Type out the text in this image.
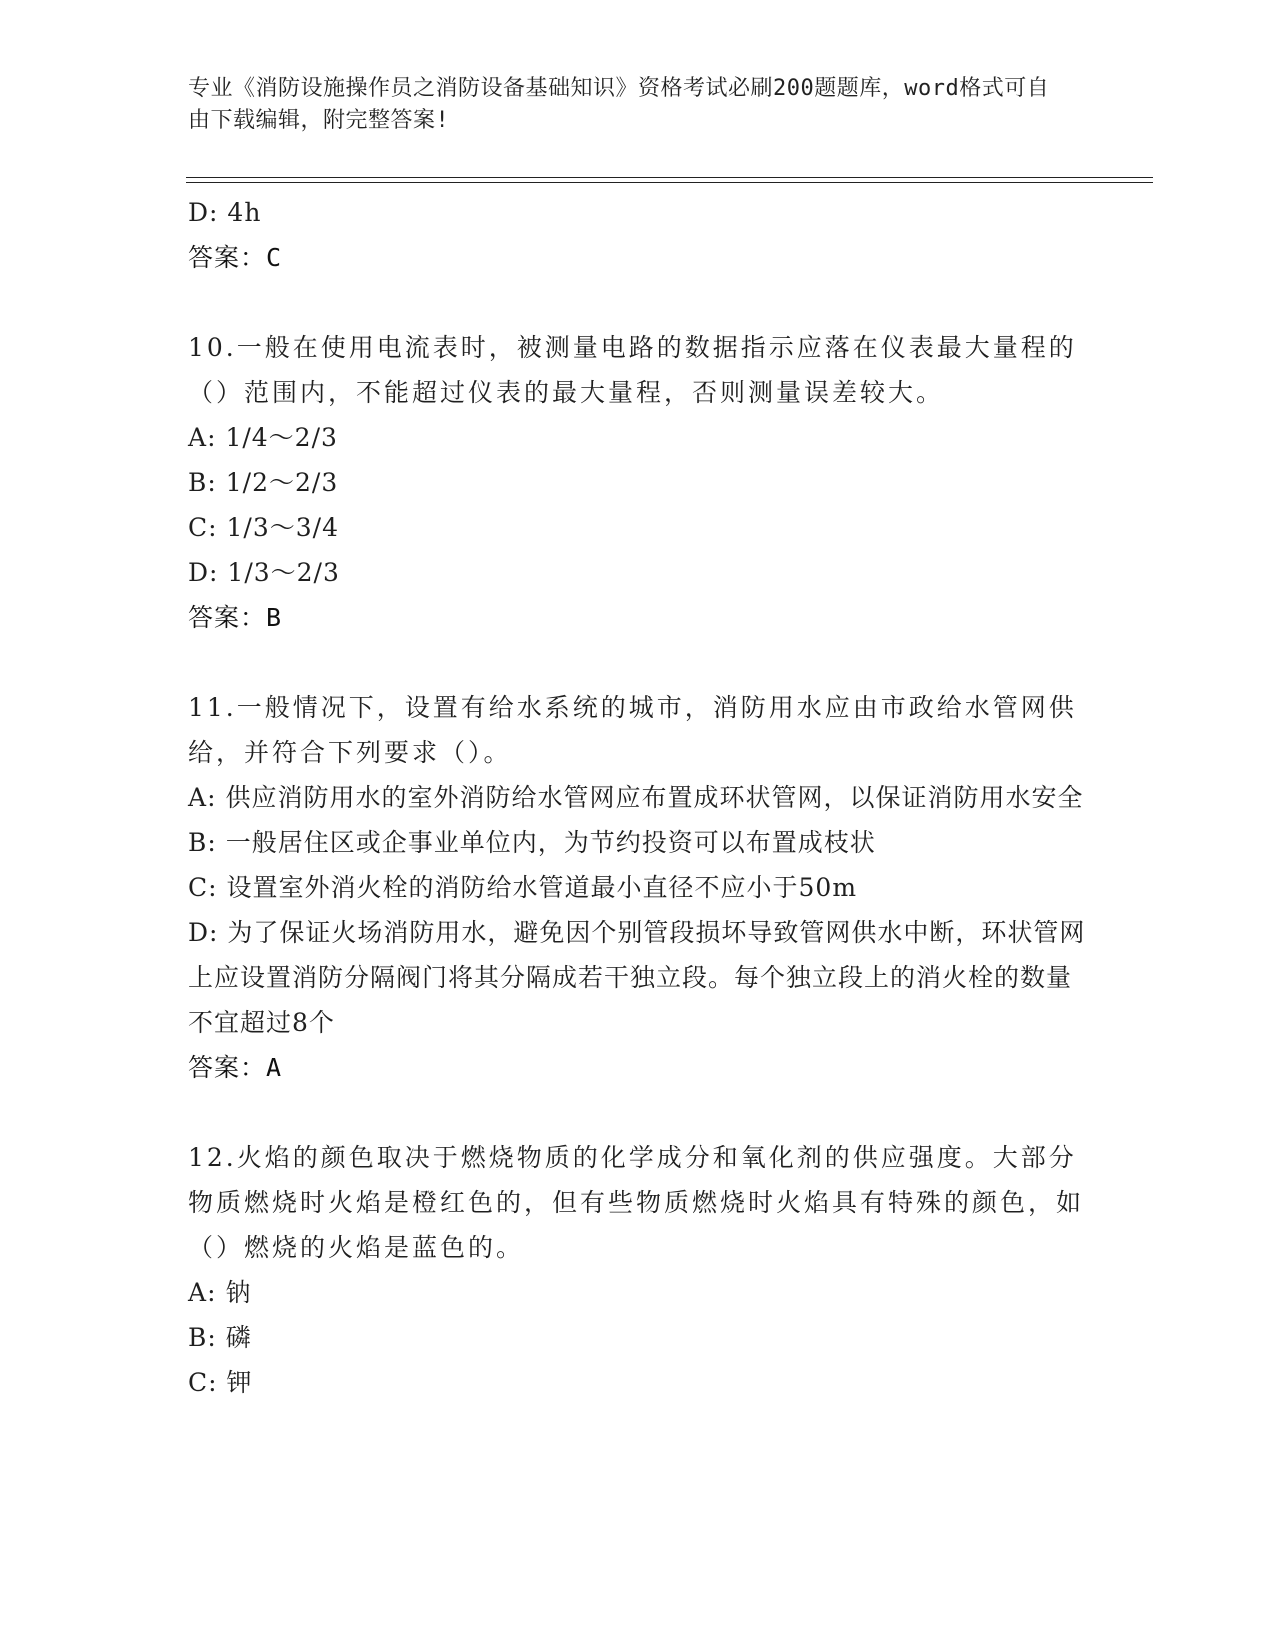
专业《消防设施操作员之消防设备基础知识》资格考试必刷200题题库，word格式可自由下载编辑，附完整答案!
D: 4h
答案：C
10.一般在使用电流表时，被测量电路的数据指示应落在仪表最大量程的（）范围内，不能超过仪表的最大量程，否则测量误差较大。
A: 1/4～2/3
B: 1/2～2/3
C: 1/3～3/4
D: 1/3～2/3
答案：B
11.一般情况下，设置有给水系统的城市，消防用水应由市政给水管网供给，并符合下列要求（）。
A: 供应消防用水的室外消防给水管网应布置成环状管网，以保证消防用水安全
B: 一般居住区或企事业单位内，为节约投资可以布置成枝状
C: 设置室外消火栓的消防给水管道最小直径不应小于50m
D: 为了保证火场消防用水，避免因个别管段损坏导致管网供水中断，环状管网上应设置消防分隔阀门将其分隔成若干独立段。每个独立段上的消火栓的数量不宜超过8个
答案：A
12.火焰的颜色取决于燃烧物质的化学成分和氧化剂的供应强度。大部分物质燃烧时火焰是橙红色的，但有些物质燃烧时火焰具有特殊的颜色，如（）燃烧的火焰是蓝色的。
A: 钠
B: 磷
C: 钾
